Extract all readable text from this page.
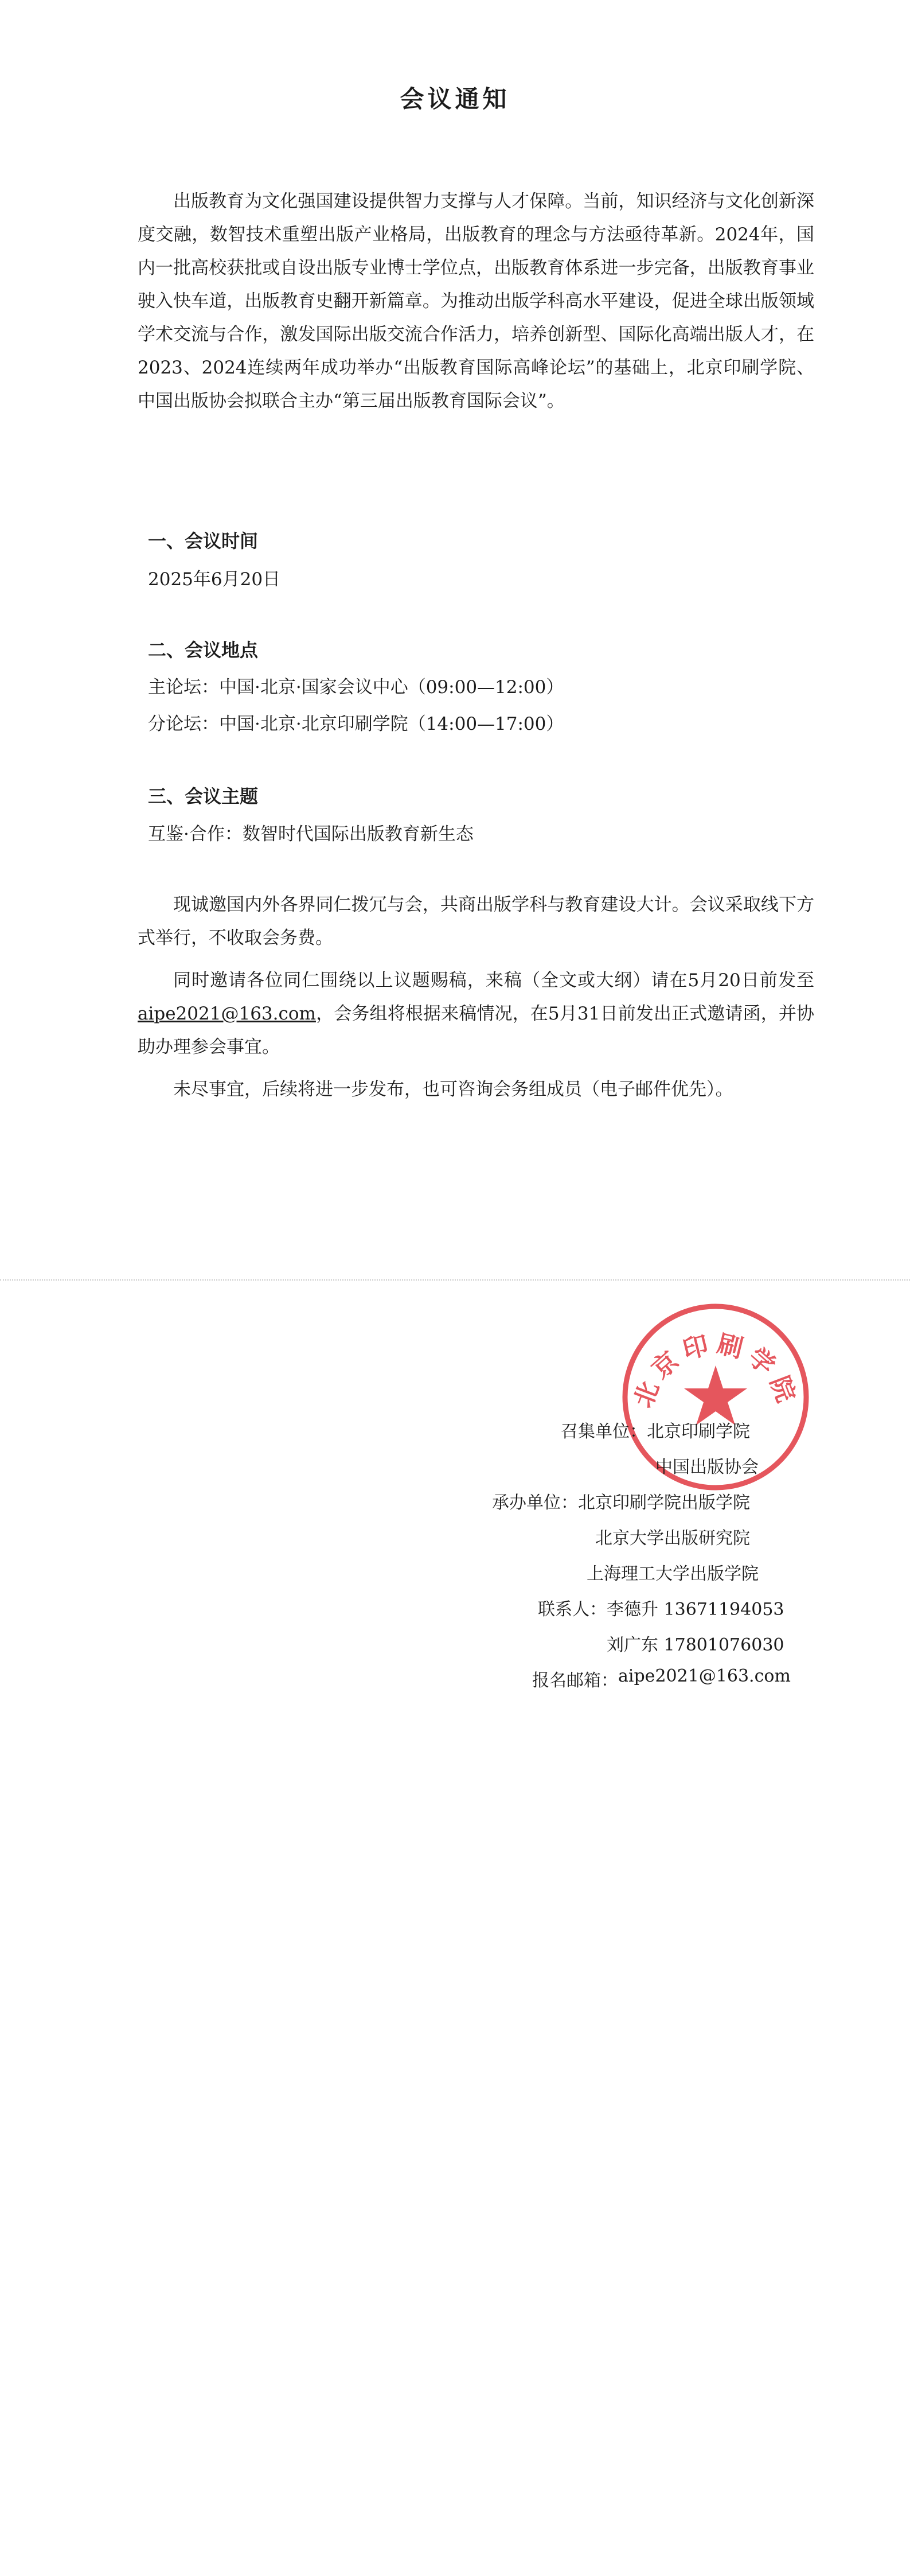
会议通知
出版教育为文化强国建设提供智力支撑与人才保障。当前，知识经济与文化创新深度交融，数智技术重塑出版产业格局，出版教育的理念与方法亟待革新。2024年，国内一批高校获批或自设出版专业博士学位点，出版教育体系进一步完备，出版教育事业驶入快车道，出版教育史翻开新篇章。为推动出版学科高水平建设，促进全球出版领域学术交流与合作，激发国际出版交流合作活力，培养创新型、国际化高端出版人才，在2023、2024连续两年成功举办“出版教育国际高峰论坛”的基础上，北京印刷学院、中国出版协会拟联合主办“第三届出版教育国际会议”。
一、会议时间
2025年6月20日
二、会议地点
主论坛：中国·北京·国家会议中心（09:00—12:00）
分论坛：中国·北京·北京印刷学院（14:00—17:00）
三、会议主题
互鉴·合作：数智时代国际出版教育新生态
现诚邀国内外各界同仁拨冗与会，共商出版学科与教育建设大计。会议采取线下方式举行，不收取会务费。
同时邀请各位同仁围绕以上议题赐稿，来稿（全文或大纲）请在5月20日前发至aipe2021@163.com，会务组将根据来稿情况，在5月31日前发出正式邀请函，并协助办理参会事宜。
未尽事宜，后续将进一步发布，也可咨询会务组成员（电子邮件优先）。
北京印刷学院
召集单位： 北京印刷学院
中国出版协会
承办单位： 北京印刷学院出版学院
北京大学出版研究院
上海理工大学出版学院
联系人： 李德升 13671194053
刘广东 17801076030
报名邮箱： aipe2021@163.com
